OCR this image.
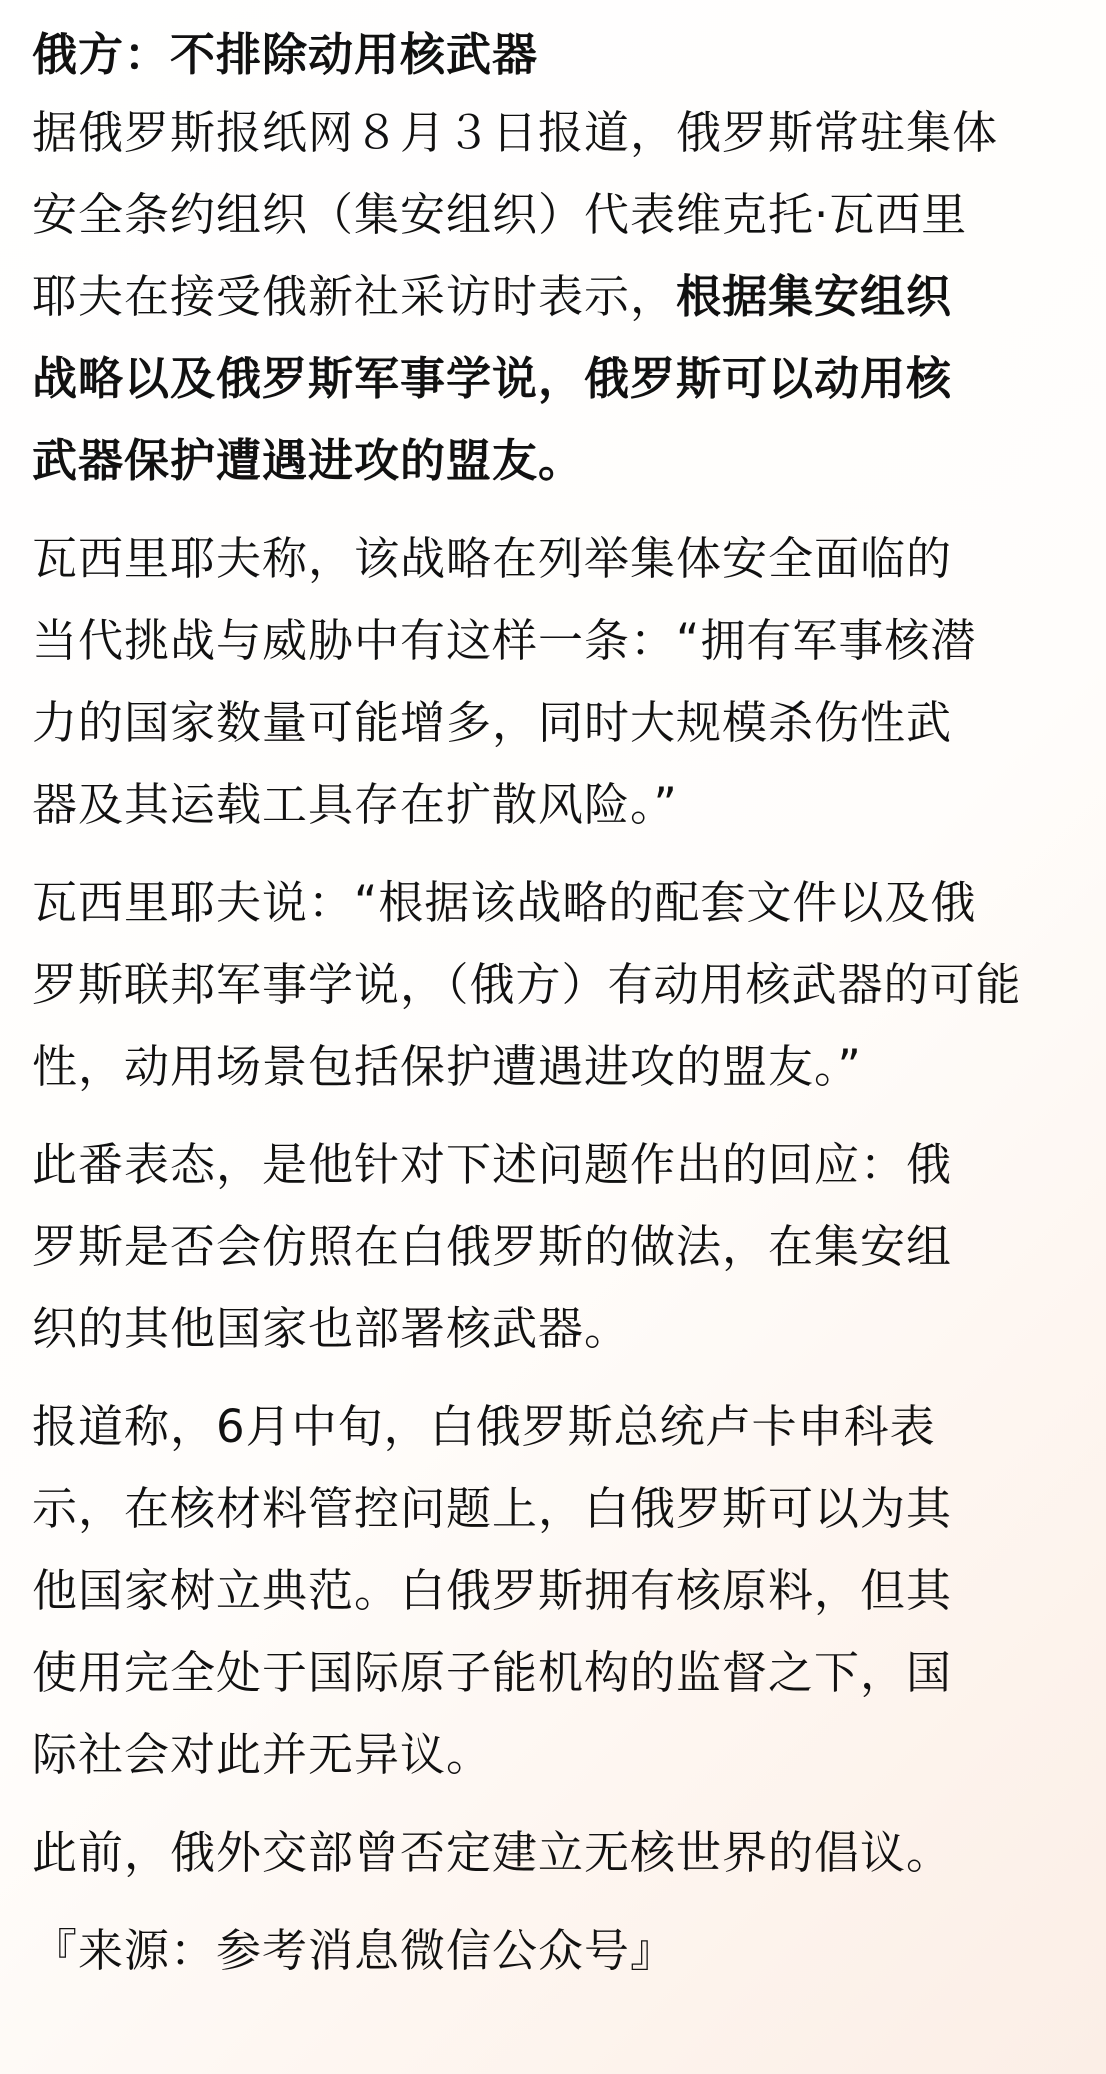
俄方：不排除动用核武器

据俄罗斯报纸网８月３日报道，俄罗斯常驻集体
安全条约组织（集安组织）代表维克托·瓦西里
耶夫在接受俄新社采访时表示，根据集安组织
战略以及俄罗斯军事学说，俄罗斯可以动用核
武器保护遭遇进攻的盟友。

瓦西里耶夫称，该战略在列举集体安全面临的
当代挑战与威胁中有这样一条：“拥有军事核潜
力的国家数量可能增多，同时大规模杀伤性武
器及其运载工具存在扩散风险。”

瓦西里耶夫说：“根据该战略的配套文件以及俄
罗斯联邦军事学说，（俄方）有动用核武器的可能
性，动用场景包括保护遭遇进攻的盟友。”

此番表态，是他针对下述问题作出的回应：俄
罗斯是否会仿照在白俄罗斯的做法，在集安组
织的其他国家也部署核武器。

报道称，6月中旬，白俄罗斯总统卢卡申科表
示，在核材料管控问题上，白俄罗斯可以为其
他国家树立典范。白俄罗斯拥有核原料，但其
使用完全处于国际原子能机构的监督之下，国
际社会对此并无异议。

此前，俄外交部曾否定建立无核世界的倡议。

『来源：参考消息微信公众号』
